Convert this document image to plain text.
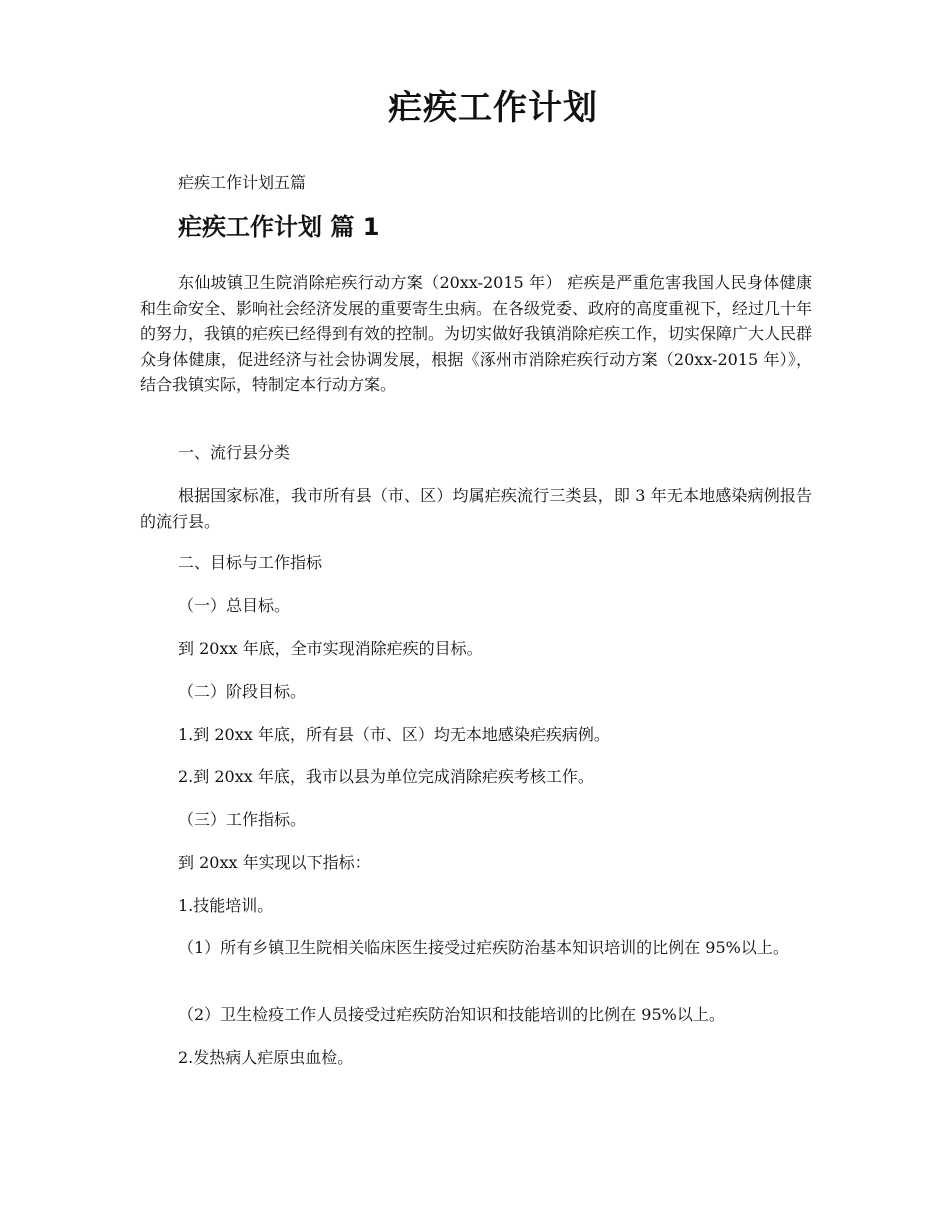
疟疾工作计划
疟疾工作计划五篇
疟疾工作计划 篇 1
东仙坡镇卫生院消除疟疾行动方案（20xx-2015 年） 疟疾是严重危害我国人民身体健康和生命安全、影响社会经济发展的重要寄生虫病。在各级党委、政府的高度重视下，经过几十年的努力，我镇的疟疾已经得到有效的控制。为切实做好我镇消除疟疾工作，切实保障广大人民群众身体健康，促进经济与社会协调发展，根据《涿州市消除疟疾行动方案（20xx-2015 年）》，结合我镇实际，特制定本行动方案。
一、流行县分类
根据国家标准，我市所有县（市、区）均属疟疾流行三类县，即 3 年无本地感染病例报告的流行县。
二、目标与工作指标
（一）总目标。
到 20xx 年底，全市实现消除疟疾的目标。
（二）阶段目标。
1.到 20xx 年底，所有县（市、区）均无本地感染疟疾病例。
2.到 20xx 年底，我市以县为单位完成消除疟疾考核工作。
（三）工作指标。
到 20xx 年实现以下指标：
1.技能培训。
（1）所有乡镇卫生院相关临床医生接受过疟疾防治基本知识培训的比例在 95%以上。
（2）卫生检疫工作人员接受过疟疾防治知识和技能培训的比例在 95%以上。
2.发热病人疟原虫血检。
